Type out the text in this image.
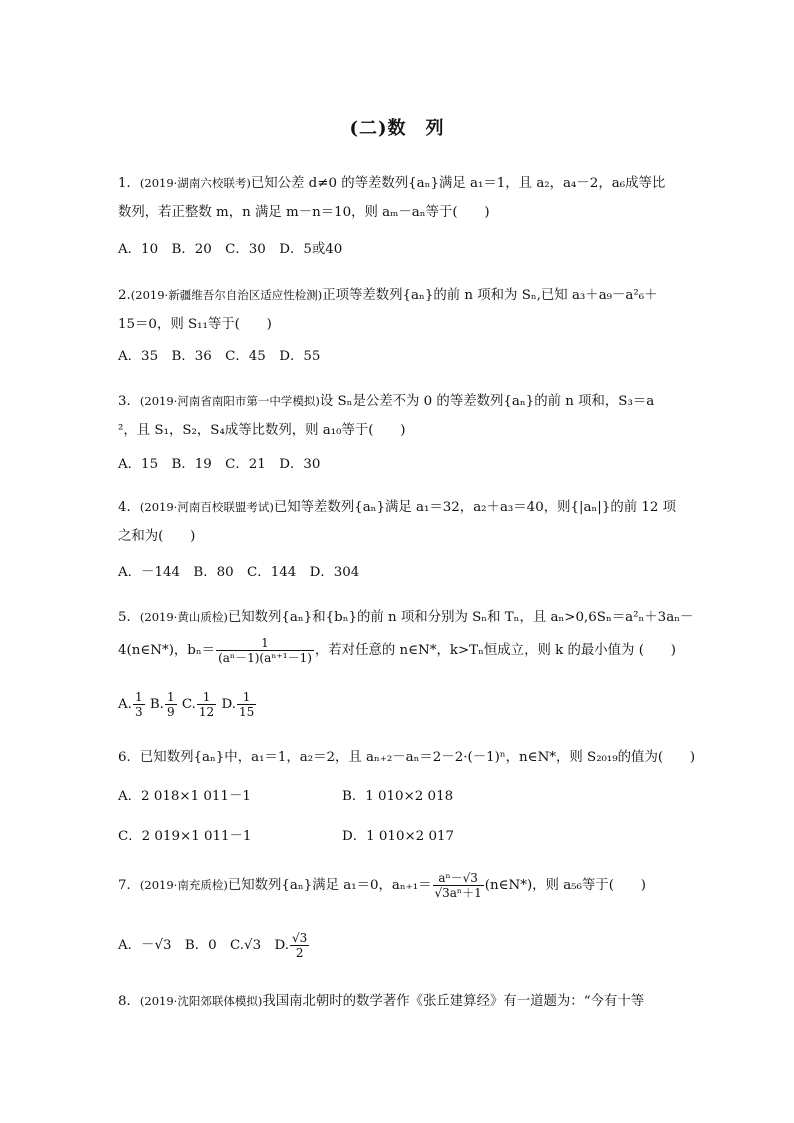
(二)数　列
1．(2019·湖南六校联考)已知公差 d≠0 的等差数列{aₙ}满足 a₁＝1，且 a₂，a₄－2，a₆成等比
数列，若正整数 m，n 满足 m－n＝10，则 aₘ－aₙ等于(　　)
A．10　B．20　C．30　D．5或40
2.(2019·新疆维吾尔自治区适应性检测)正项等差数列{aₙ}的前 n 项和为 Sₙ,已知 a₃＋a₉－a²₆＋
15＝0，则 S₁₁等于(　　)
A．35　B．36　C．45　D．55
3．(2019·河南省南阳市第一中学模拟)设 Sₙ是公差不为 0 的等差数列{aₙ}的前 n 项和，S₃＝a
²，且 S₁，S₂，S₄成等比数列，则 a₁₀等于(　　)
A．15　B．19　C．21　D．30
4．(2019·河南百校联盟考试)已知等差数列{aₙ}满足 a₁＝32，a₂＋a₃＝40，则{|aₙ|}的前 12 项
之和为(　　)
A．－144　B．80　C．144　D．304
5．(2019·黄山质检)已知数列{aₙ}和{bₙ}的前 n 项和分别为 Sₙ和 Tₙ，且 aₙ>0,6Sₙ＝a²ₙ＋3aₙ－
4(n∈N*)，$b_n= \frac{1}{\text{(aⁿ－1)(aⁿ⁺¹－1)}}$ ，若对任意的 n∈N*，k>Tₙ恒成立，则 k 的最小值为 (　　)
A. $\frac{1}{3} B$. $\frac{1}{9} C$. $\frac{1}{12} D$. $\frac{1}{15}$
6．已知数列{aₙ}中，a₁＝1，a₂＝2，且 aₙ₊₂－aₙ＝2－2·(－1)ⁿ，n∈N*，则 S₂₀₁₉的值为(　　)
A．2 018×1 011－1	B．1 010×2 018
C．2 019×1 011－1	D．1 010×2 017
7．(2019·南充质检)已知数列{aₙ}满足 a₁＝0，$a_{n+1}= \frac{\text{aⁿ－√3}}{\text{√3aⁿ＋1}}$ (n∈N*)，则 a₅₆等于(　　)
A．－√3　B．0　C.√3　D. $\frac{√3}{2}$
8．(2019·沈阳郊联体模拟)我国南北朝时的数学著作《张丘建算经》有一道题为：“今有十等
